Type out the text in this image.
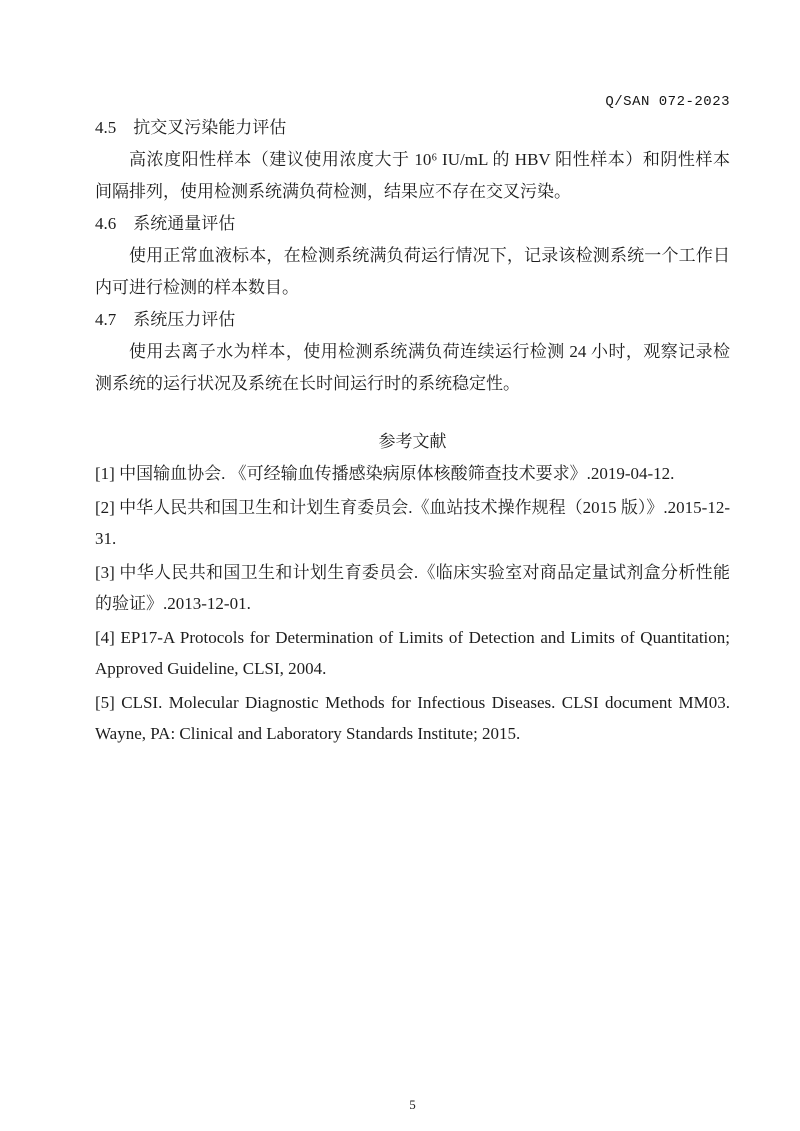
Q/SAN 072-2023
4.5 抗交叉污染能力评估

高浓度阳性样本（建议使用浓度大于 10⁶ IU/mL 的 HBV 阳性样本）和阴性样本间隔排列，使用检测系统满负荷检测，结果应不存在交叉污染。

4.6 系统通量评估

使用正常血液标本，在检测系统满负荷运行情况下，记录该检测系统一个工作日内可进行检测的样本数目。

4.7 系统压力评估

使用去离子水为样本，使用检测系统满负荷连续运行检测 24 小时，观察记录检测系统的运行状况及系统在长时间运行时的系统稳定性。

参考文献

[1] 中国输血协会. 《可经输血传播感染病原体核酸筛查技术要求》.2019-04-12.

[2] 中华人民共和国卫生和计划生育委员会.《血站技术操作规程（2015 版）》.2015-12-31.

[3] 中华人民共和国卫生和计划生育委员会.《临床实验室对商品定量试剂盒分析性能的验证》.2013-12-01.

[4] EP17-A Protocols for Determination of Limits of Detection and Limits of Quantitation; Approved Guideline, CLSI, 2004.

[5] CLSI. Molecular Diagnostic Methods for Infectious Diseases. CLSI document MM03. Wayne, PA: Clinical and Laboratory Standards Institute; 2015.

5
